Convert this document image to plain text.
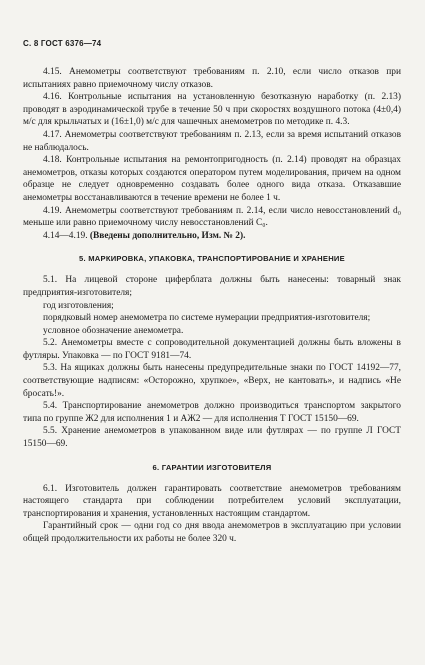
С. 8 ГОСТ 6376—74

4.15. Анемометры соответствуют требованиям п. 2.10, если число отказов при испытаниях равно приемочному числу отказов.

4.16. Контрольные испытания на установленную безотказную наработку (п. 2.13) проводят в аэродинамической трубе в течение 50 ч при скоростях воздушного потока (4±0,4) м/с для крыльчатых и (16±1,0) м/с для чашечных анемометров по методике п. 4.3.

4.17. Анемометры соответствуют требованиям п. 2.13, если за время испытаний отказов не наблюдалось.

4.18. Контрольные испытания на ремонтопригодность (п. 2.14) проводят на образцах анемометров, отказы которых создаются оператором путем моделирования, причем на одном образце не следует одновременно создавать более одного вида отказа. Отказавшие анемометры восстанавливаются в течение времени не более 1 ч.

4.19. Анемометры соответствуют требованиям п. 2.14, если число невосстановлений d₀ меньше или равно приемочному числу невосстановлений C₀.

4.14—4.19. (Введены дополнительно, Изм. № 2).

5. МАРКИРОВКА, УПАКОВКА, ТРАНСПОРТИРОВАНИЕ И ХРАНЕНИЕ

5.1. На лицевой стороне циферблата должны быть нанесены: товарный знак предприятия-изготовителя;

год изготовления;

порядковый номер анемометра по системе нумерации предприятия-изготовителя;

условное обозначение анемометра.

5.2. Анемометры вместе с сопроводительной документацией должны быть вложены в футляры. Упаковка — по ГОСТ 9181—74.

5.3. На ящиках должны быть нанесены предупредительные знаки по ГОСТ 14192—77, соответствующие надписям: «Осторожно, хрупкое», «Верх, не кантовать», и надпись «Не бросать!».

5.4. Транспортирование анемометров должно производиться транспортом закрытого типа по группе Ж2 для исполнения 1 и АЖ2 — для исполнения Т ГОСТ 15150—69.

5.5. Хранение анемометров в упакованном виде или футлярах — по группе Л ГОСТ 15150—69.

6. ГАРАНТИИ ИЗГОТОВИТЕЛЯ

6.1. Изготовитель должен гарантировать соответствие анемометров требованиям настоящего стандарта при соблюдении потребителем условий эксплуатации, транспортирования и хранения, установленных настоящим стандартом.

Гарантийный срок — одни год со дня ввода анемометров в эксплуатацию при условии общей продолжительности их работы не более 320 ч.
